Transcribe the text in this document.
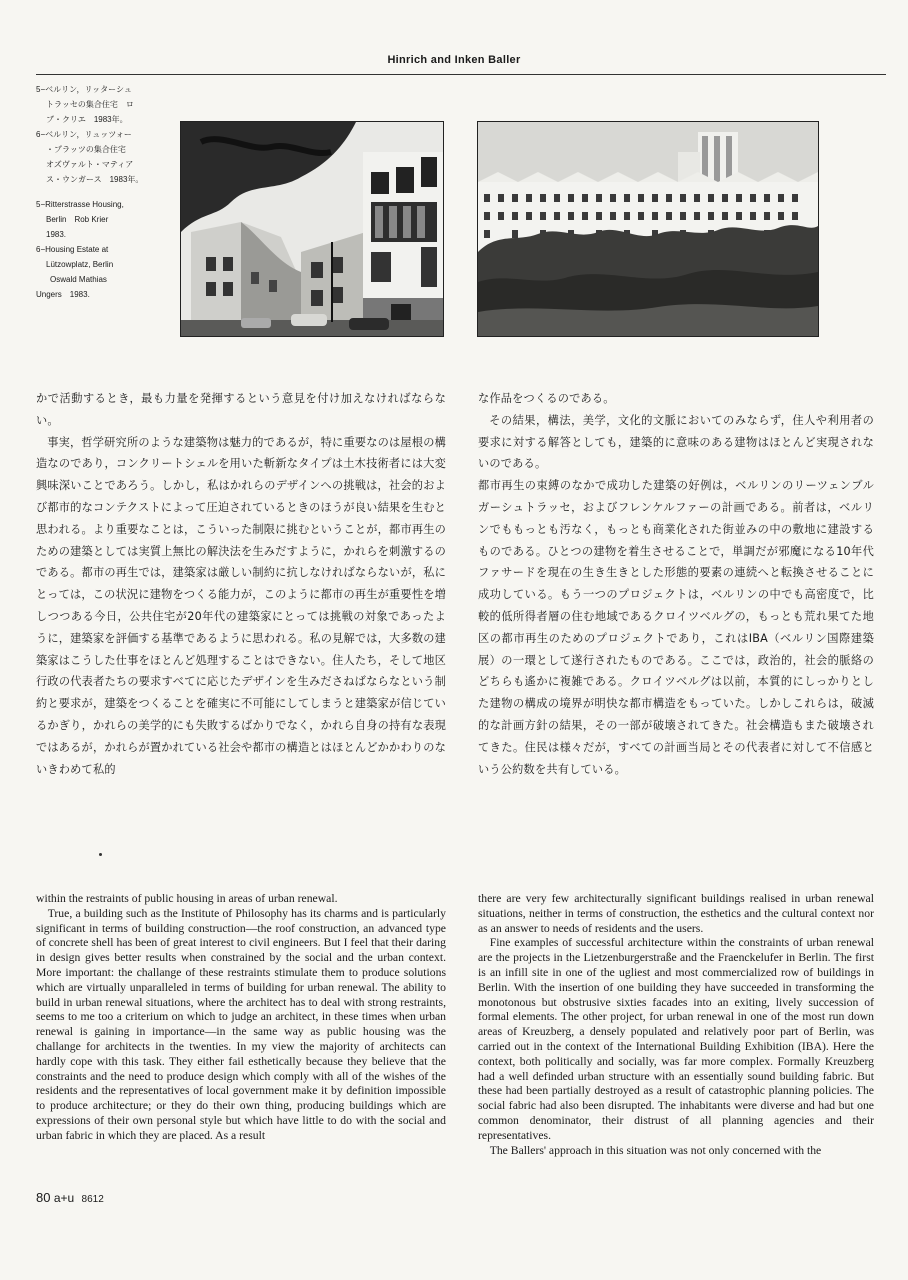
Hinrich and Inken Baller

5−ベルリン，リッターシュ

トラッセの集合住宅　ロ

ブ・クリエ　1983年。

6−ベルリン，リュッツォー

・プラッツの集合住宅

オズヴァルト・マティア

ス・ウンガース　1983年。

5−Ritterstrasse Housing,

Berlin　Rob Krier

1983.

6−Housing Estate at

Lützowplatz, Berlin

Oswald Mathias

Ungers　1983.

かで活動するとき，最も力量を発揮するという意見を付け加えなければならない。

事実，哲学研究所のような建築物は魅力的であるが，特に重要なのは屋根の構造なのであり，コンクリートシェルを用いた斬新なタイプは土木技術者には大変興味深いことであろう。しかし，私はかれらのデザインへの挑戦は，社会的および都市的なコンテクストによって圧迫されているときのほうが良い結果を生むと思われる。より重要なことは，こういった制限に挑むということが，都市再生のための建築としては実質上無比の解決法を生みだすように，かれらを刺激するのである。都市の再生では，建築家は厳しい制約に抗しなければならないが，私にとっては，この状況に建物をつくる能力が，このように都市の再生が重要性を増しつつある今日，公共住宅が20年代の建築家にとっては挑戦の対象であったように，建築家を評価する基準であるように思われる。私の見解では，大多数の建築家はこうした仕事をほとんど処理することはできない。住人たち，そして地区行政の代表者たちの要求すべてに応じたデザインを生みださねばならなという制約と要求が，建築をつくることを確実に不可能にしてしまうと建築家が信じているかぎり，かれらの美学的にも失敗するばかりでなく，かれら自身の持有な表現ではあるが，かれらが置かれている社会や都市の構造とはほとんどかかわりのないきわめて私的

な作品をつくるのである。

その結果，構法，美学，文化的文脈においてのみならず，住人や利用者の要求に対する解答としても，建築的に意味のある建物はほとんど実現されないのである。

都市再生の束縛のなかで成功した建築の好例は，ベルリンのリーツェンブルガーシュトラッセ，およびフレンケルファーの計画である。前者は，ベルリンでももっとも汚なく，もっとも商業化された街並みの中の敷地に建設するものである。ひとつの建物を着生させることで，単調だが邪魔になる10年代ファサードを現在の生き生きとした形態的要素の連続へと転換させることに成功している。もう一つのプロジェクトは，ベルリンの中でも高密度で，比較的低所得者層の住む地域であるクロイツベルグの，もっとも荒れ果てた地区の都市再生のためのプロジェクトであり，これはIBA（ベルリン国際建築展）の一環として遂行されたものである。ここでは，政治的，社会的脈絡のどちらも遙かに複雑である。クロイツベルグは以前，本質的にしっかりとした建物の構成の境界が明快な都市構造をもっていた。しかしこれらは，破滅的な計画方針の結果，その一部が破壊されてきた。社会構造もまた破壊されてきた。住民は様々だが，すべての計画当局とその代表者に対して不信感という公約数を共有している。

within the restraints of public housing in areas of urban renewal.

True, a building such as the Institute of Philosophy has its charms and is particularly significant in terms of building construction—the roof construction, an advanced type of concrete shell has been of great interest to civil engineers. But I feel that their daring in design gives better results when constrained by the social and the urban context. More important: the challange of these restraints stimulate them to produce solutions which are virtually unparalleled in terms of building for urban renewal. The ability to build in urban renewal situations, where the architect has to deal with strong restraints, seems to me too a criterium on which to judge an architect, in these times when urban renewal is gaining in importance—in the same way as public housing was the challange for architects in the twenties. In my view the majority of architects can hardly cope with this task. They either fail esthetically because they believe that the constraints and the need to produce design which comply with all of the wishes of the residents and the representatives of local government make it by definition impossible to produce architecture; or they do their own thing, producing buildings which are expressions of their own personal style but which have little to do with the social and urban fabric in which they are placed. As a result

there are very few architecturally significant buildings realised in urban renewal situations, neither in terms of construction, the esthetics and the cultural context nor as an answer to needs of residents and the users.

Fine examples of successful architecture within the constraints of urban renewal are the projects in the Lietzenburgerstraße and the Fraenckelufer in Berlin. The first is an infill site in one of the ugliest and most commercialized row of buildings in Berlin. With the insertion of one building they have succeeded in transforming the monotonous but obstrusive sixties facades into an exiting, lively succession of formal elements. The other project, for urban renewal in one of the most run down areas of Kreuzberg, a densely populated and relatively poor part of Berlin, was carried out in the context of the International Building Exhibition (IBA). Here the context, both politically and socially, was far more complex. Formally Kreuzberg had a well definded urban structure with an essentially sound building fabric. But these had been partially destroyed as a result of catastrophic planning policies. The social fabric had also been disrupted. The inhabitants were diverse and had but one common denominator, their distrust of all planning agencies and their representatives.

The Ballers' approach in this situation was not only concerned with the

80 a+u 8612
